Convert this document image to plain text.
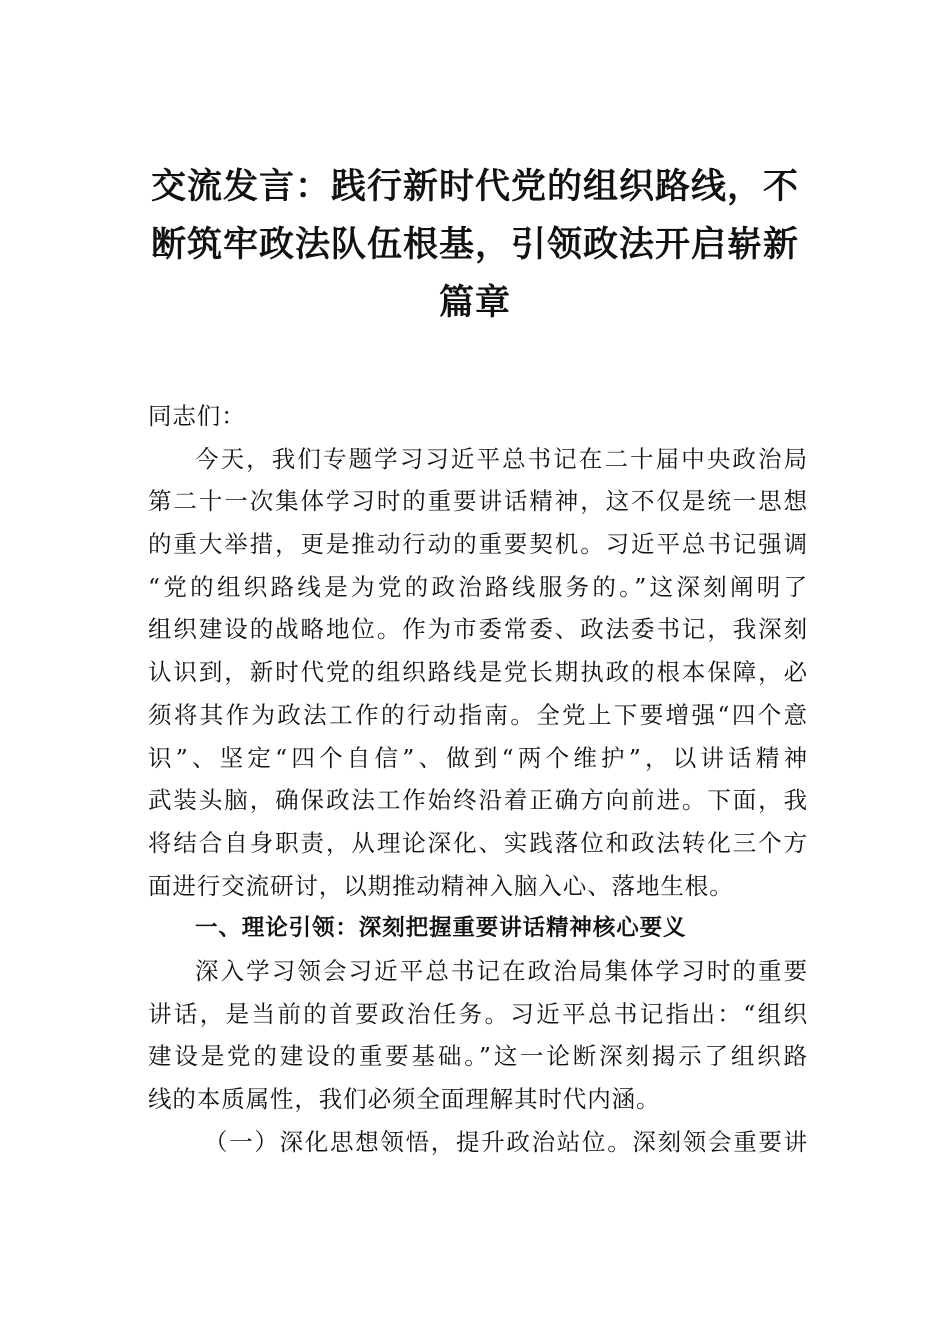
交流发言：践行新时代党的组织路线，不
断筑牢政法队伍根基，引领政法开启崭新
篇章
同志们：
今天，我们专题学习习近平总书记在二十届中央政治局
第二十一次集体学习时的重要讲话精神，这不仅是统一思想
的重大举措，更是推动行动的重要契机。习近平总书记强调
“党的组织路线是为党的政治路线服务的。”这深刻阐明了
组织建设的战略地位。作为市委常委、政法委书记，我深刻
认识到，新时代党的组织路线是党长期执政的根本保障，必
须将其作为政法工作的行动指南。全党上下要增强“四个意
识”、坚定“四个自信”、做到“两个维护”，以讲话精神
武装头脑，确保政法工作始终沿着正确方向前进。下面，我
将结合自身职责，从理论深化、实践落位和政法转化三个方
面进行交流研讨，以期推动精神入脑入心、落地生根。
一、理论引领：深刻把握重要讲话精神核心要义
深入学习领会习近平总书记在政治局集体学习时的重要
讲话，是当前的首要政治任务。习近平总书记指出：“组织
建设是党的建设的重要基础。”这一论断深刻揭示了组织路
线的本质属性，我们必须全面理解其时代内涵。
（一）深化思想领悟，提升政治站位。深刻领会重要讲
